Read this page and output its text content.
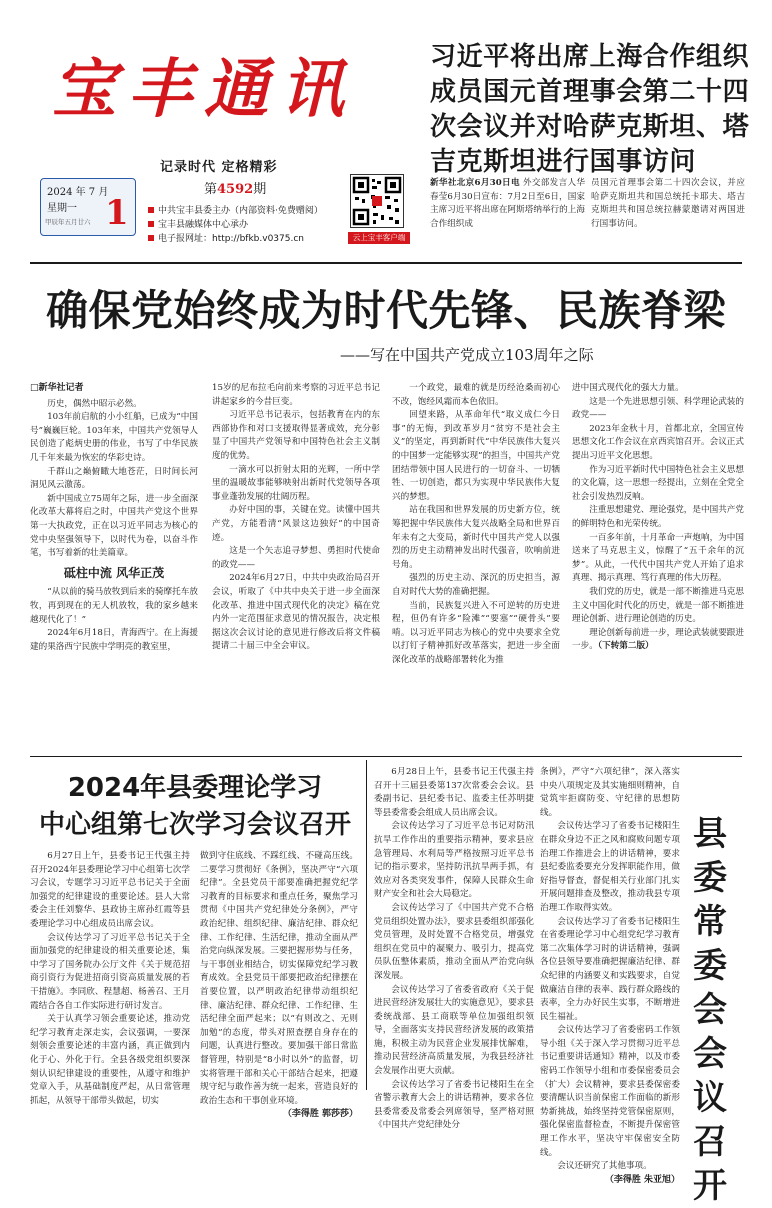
宝丰通讯
记录时代 定格精彩
2024 年 7 月
星期一
甲辰年五月廿六 1
第4592期
中共宝丰县委主办（内部资料·免费赠阅）
宝丰县融媒体中心承办
电子报网址：http://bfkb.v0375.cn	云上宝丰客户端
习近平将出席上海合作组织成员国元首理事会第二十四次会议并对哈萨克斯坦、塔吉克斯坦进行国事访问
新华社北京6月30日电 外交部发言人华春莹6月30日宣布：7月2日至6日，国家主席习近平将出席在阿斯塔纳举行的上海合作组织成
员国元首理事会第二十四次会议，并应哈萨克斯坦共和国总统托卡耶夫、塔吉克斯坦共和国总统拉赫蒙邀请对两国进行国事访问。
确保党始终成为时代先锋、民族脊梁
——写在中国共产党成立103周年之际
□新华社记者

历史，偶然中昭示必然。

103年前启航的小小红船，已成为“中国号”巍巍巨轮。103年来，中国共产党领导人民创造了彪炳史册的伟业，书写了中华民族几千年来最为恢宏的华彩史诗。

千群山之巅俯瞰大地苍茫，日时间长河洞见风云激荡。

新中国成立75周年之际，进一步全面深化改革大幕将启之时，中国共产党这个世界第一大执政党，正在以习近平同志为核心的党中央坚强领导下，以时代为卷，以奋斗作笔，书写着新的壮美篇章。

砥柱中流 风华正茂

“从以前的骑马放牧到后来的骑摩托车放牧，再到现在的无人机放牧，我的家乡越来越现代化了！”

2024年6月18日，青海西宁。在上海援建的果洛西宁民族中学明亮的教室里，

15岁的尼布拉毛向前来考察的习近平总书记讲起家乡的今昔巨变。

习近平总书记表示，包括教育在内的东西部协作和对口支援取得显著成效，充分彰显了中国共产党领导和中国特色社会主义制度的优势。

一滴水可以折射太阳的光辉，一所中学里的温暖故事能够映射出新时代党领导各项事业蓬勃发展的壮阔历程。

办好中国的事，关键在党。读懂中国共产党，方能看清“风景这边独好”的中国奇迹。

这是一个矢志追寻梦想、勇担时代使命的政党——

2024年6月27日，中共中央政治局召开会议，听取了《中共中央关于进一步全面深化改革、推进中国式现代化的决定》稿在党内外一定范围征求意见的情况报告，决定根据这次会议讨论的意见进行修改后将文件稿提请二十届三中全会审议。

一个政党，最难的就是历经沧桑而初心不改，饱经风霜而本色依旧。

回望来路，从革命年代“取义成仁今日事”的无悔，到改革岁月“贫穷不是社会主义”的坚定，再到新时代“中华民族伟大复兴的中国梦一定能够实现”的担当，中国共产党团结带领中国人民进行的一切奋斗、一切牺牲、一切创造，都只为实现中华民族伟大复兴的梦想。

站在我国和世界发展的历史新方位，统筹把握中华民族伟大复兴战略全局和世界百年未有之大变局，新时代中国共产党人以强烈的历史主动精神发出时代强音，吹响前进号角。

强烈的历史主动、深沉的历史担当，源自对时代大势的准确把握。

当前，民族复兴进入不可逆转的历史进程，但仍有许多“险滩”“要塞”“硬骨头”要啃。以习近平同志为核心的党中央要求全党以打钉子精神抓好改革落实，把进一步全面深化改革的战略部署转化为推

进中国式现代化的强大力量。

这是一个先进思想引领、科学理论武装的政党——

2023年金秋十月，首都北京，全国宣传思想文化工作会议在京西宾馆召开。会议正式提出习近平文化思想。

作为习近平新时代中国特色社会主义思想的文化篇，这一思想一经提出，立刻在全党全社会引发热烈反响。

注重思想建党、理论强党，是中国共产党的鲜明特色和光荣传统。

一百多年前，十月革命一声炮响，为中国送来了马克思主义，惊醒了“五千余年的沉梦”。从此，一代代中国共产党人开始了追求真理、揭示真理、笃行真理的伟大历程。

我们党的历史，就是一部不断推进马克思主义中国化时代化的历史，就是一部不断推进理论创新、进行理论创造的历史。

理论创新每前进一步，理论武装就要跟进一步。（下转第二版）

2024年县委理论学习
中心组第七次学习会议召开

6月27日上午，县委书记王代强主持召开2024年县委理论学习中心组第七次学习会议，专题学习习近平总书记关于全面加强党的纪律建设的重要论述。县人大常委会主任刘黎华、县政协主席孙红霞等县委理论学习中心组成员出席会议。

会议传达学习了习近平总书记关于全面加强党的纪律建设的相关重要论述，集中学习了国务院办公厅文件《关于规范招商引资行为促进招商引资高质量发展的若干措施》。李同欣、程慧超、杨善召、王月霞结合各自工作实际进行研讨发言。

关于认真学习领会重要论述，推动党纪学习教育走深走实，会议强调，一要深刻领会重要论述的丰富内涵，真正做到内化于心、外化于行。全县各级党组织要深刻认识纪律建设的重要性，从遵守和维护党章入手，从基础制度严起，从日常管理抓起，从领导干部带头做起，切实

做到守住底线、不踩红线、不碰高压线。二要学习贯彻好《条例》，坚决严守“六项纪律”。全县党员干部要准确把握党纪学习教育的目标要求和重点任务，聚焦学习贯彻《中国共产党纪律处分条例》，严守政治纪律、组织纪律、廉洁纪律、群众纪律、工作纪律、生活纪律，推动全面从严治党向纵深发展。三要把握形势与任务，与干事创业相结合，切实保障党纪学习教育成效。全县党员干部要把政治纪律摆在首要位置，以严明政治纪律带动组织纪律、廉洁纪律、群众纪律、工作纪律、生活纪律全面严起来；以“有则改之、无则加勉”的态度，带头对照查摆自身存在的问题，认真进行整改。要加强干部日常监督管理，特别是“8小时以外”的监督，切实将管理干部和关心干部结合起来，把遵规守纪与敢作善为统一起来，营造良好的政治生态和干事创业环境。

（李得胜 郭莎莎）

6月28日上午，县委书记王代强主持召开十三届县委第137次常委会会议。县委副书记、县纪委书记、监委主任苏明捷等县委常委会组成人员出席会议。

会议传达学习了习近平总书记对防汛抗旱工作作出的重要指示精神，要求县应急管理局、水利局等严格按照习近平总书记的指示要求，坚持防汛抗旱两手抓，有效应对各类突发事件，保障人民群众生命财产安全和社会大局稳定。

会议传达学习了《中国共产党不合格党员组织处置办法》，要求县委组织部强化党员管理，及时处置不合格党员，增强党组织在党员中的凝聚力、吸引力，提高党员队伍整体素质，推动全面从严治党向纵深发展。

会议传达学习了省委省政府《关于促进民营经济发展壮大的实施意见》，要求县委统战部、县工商联等单位加强组织领导，全面落实支持民营经济发展的政策措施，积极主动为民营企业发展排忧解难，推动民营经济高质量发展，为我县经济社会发展作出更大贡献。

会议传达学习了省委书记楼阳生在全省警示教育大会上的讲话精神，要求各位县委常委及常委会列席领导，坚严格对照《中国共产党纪律处分

条例》，严守“六项纪律”，深入落实中央八项规定及其实施细则精神，自觉筑牢拒腐防变、守纪律的思想防线。

会议传达学习了省委书记楼阳生在群众身边不正之风和腐败问题专项治理工作推进会上的讲话精神，要求县纪委监委要充分发挥职能作用，做好指导督查，督促相关行业部门扎实开展问题排查及整改，推动我县专项治理工作取得实效。

会议传达学习了省委书记楼阳生在省委理论学习中心组党纪学习教育第二次集体学习时的讲话精神，强调各位县领导要准确把握廉洁纪律、群众纪律的内涵要义和实践要求，自觉做廉洁自律的表率、践行群众路线的表率，全力办好民生实事，不断增进民生福祉。

会议传达学习了省委密码工作领导小组《关于深入学习贯彻习近平总书记重要讲话通知》精神，以及市委密码工作领导小组和市委保密委员会（扩大）会议精神，要求县委保密委要清醒认识当前保密工作面临的新形势新挑战，始终坚持党管保密原则，强化保密监督检查，不断提升保密管理工作水平，坚决守牢保密安全防线。

会议还研究了其他事项。

（李得胜 朱亚旭）
县
委
常
委
会
会
议
召
开
